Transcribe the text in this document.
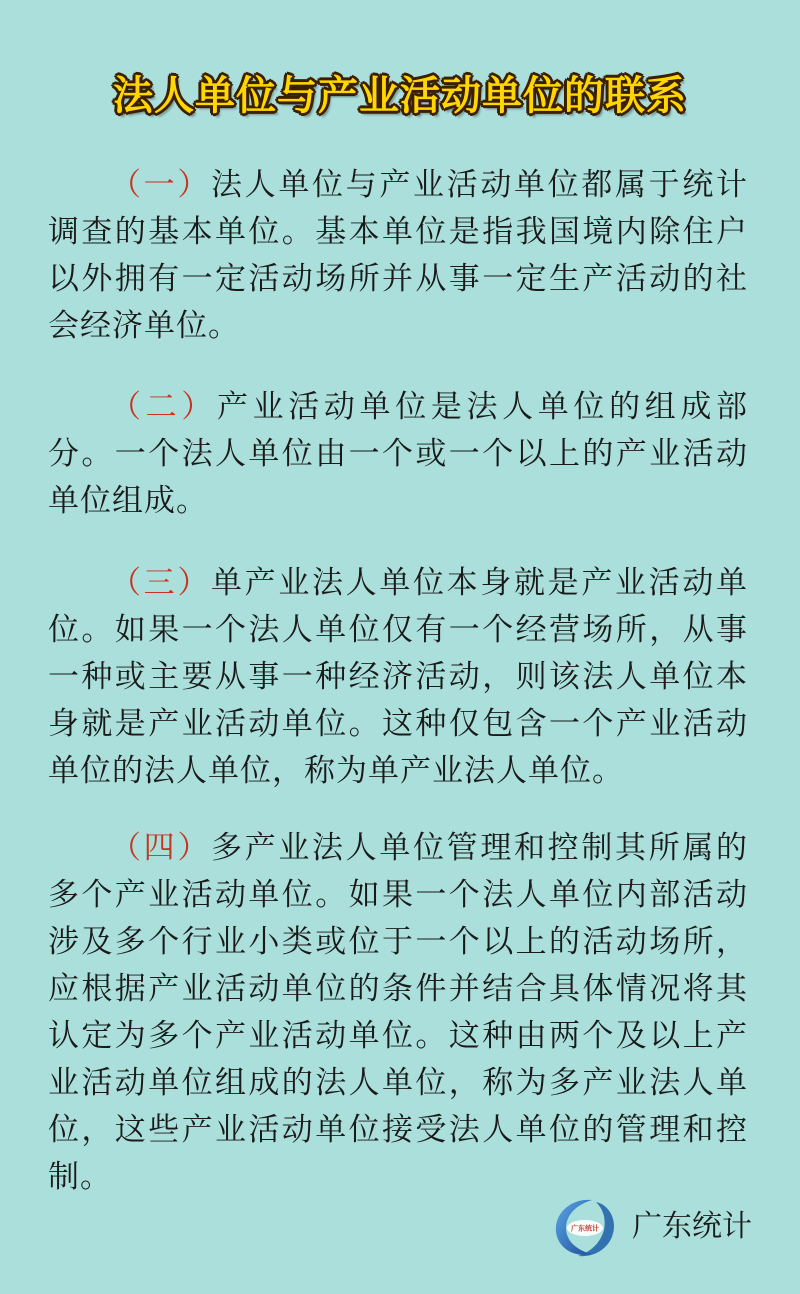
法人单位与产业活动单位的联系

（一）法人单位与产业活动单位都属于统计调查的基本单位。基本单位是指我国境内除住户以外拥有一定活动场所并从事一定生产活动的社会经济单位。

（二）产业活动单位是法人单位的组成部分。一个法人单位由一个或一个以上的产业活动单位组成。

（三）单产业法人单位本身就是产业活动单位。如果一个法人单位仅有一个经营场所，从事一种或主要从事一种经济活动，则该法人单位本身就是产业活动单位。这种仅包含一个产业活动单位的法人单位，称为单产业法人单位。

（四）多产业法人单位管理和控制其所属的多个产业活动单位。如果一个法人单位内部活动涉及多个行业小类或位于一个以上的活动场所，应根据产业活动单位的条件并结合具体情况将其认定为多个产业活动单位。这种由两个及以上产业活动单位组成的法人单位，称为多产业法人单位，这些产业活动单位接受法人单位的管理和控制。

广东统计 广东统计
